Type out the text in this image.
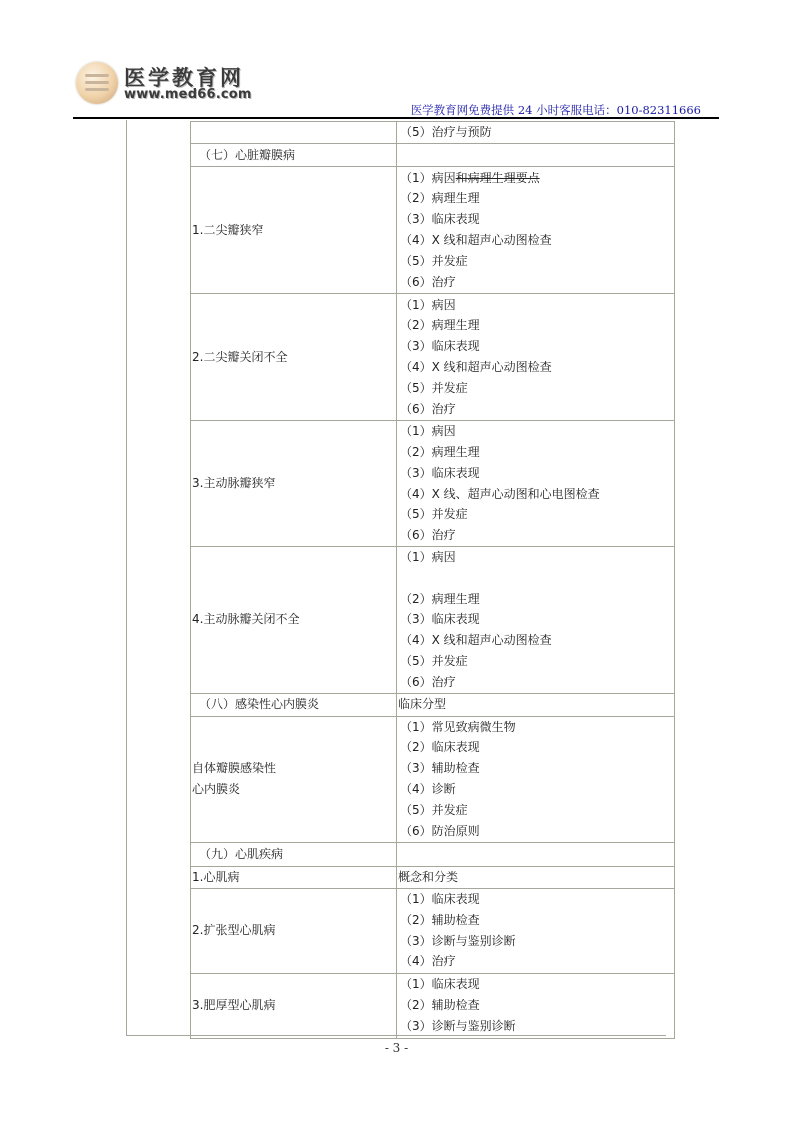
医学教育网
www.med66.com
医学教育网免费提供 24 小时客服电话：010-82311666

	（5）治疗与预防

（七）心脏瓣膜病	
1.二尖瓣狭窄	
（1）病因和病理生理要点
（2）病理生理
（3）临床表现
（4）X 线和超声心动图检查
（5）并发症
（6）治疗

2.二尖瓣关闭不全	
（1）病因
（2）病理生理
（3）临床表现
（4）X 线和超声心动图检查
（5）并发症
（6）治疗

3.主动脉瓣狭窄	
（1）病因
（2）病理生理
（3）临床表现
（4）X 线、超声心动图和心电图检查
（5）并发症
（6）治疗

4.主动脉瓣关闭不全	
（1）病因
（2）病理生理
（3）临床表现
（4）X 线和超声心动图检查
（5）并发症
（6）治疗

（八）感染性心内膜炎	临床分型

自体瓣膜感染性
心内膜炎

（1）常见致病微生物
（2）临床表现
（3）辅助检查
（4）诊断
（5）并发症
（6）防治原则

（九）心肌疾病	
1.心肌病	概念和分类

2.扩张型心肌病	（1）临床表现
（2）辅助检查
（3）诊断与鉴别诊断
（4）治疗

3.肥厚型心肌病	（1）临床表现
（2）辅助检查
（3）诊断与鉴别诊断
- 3 -
